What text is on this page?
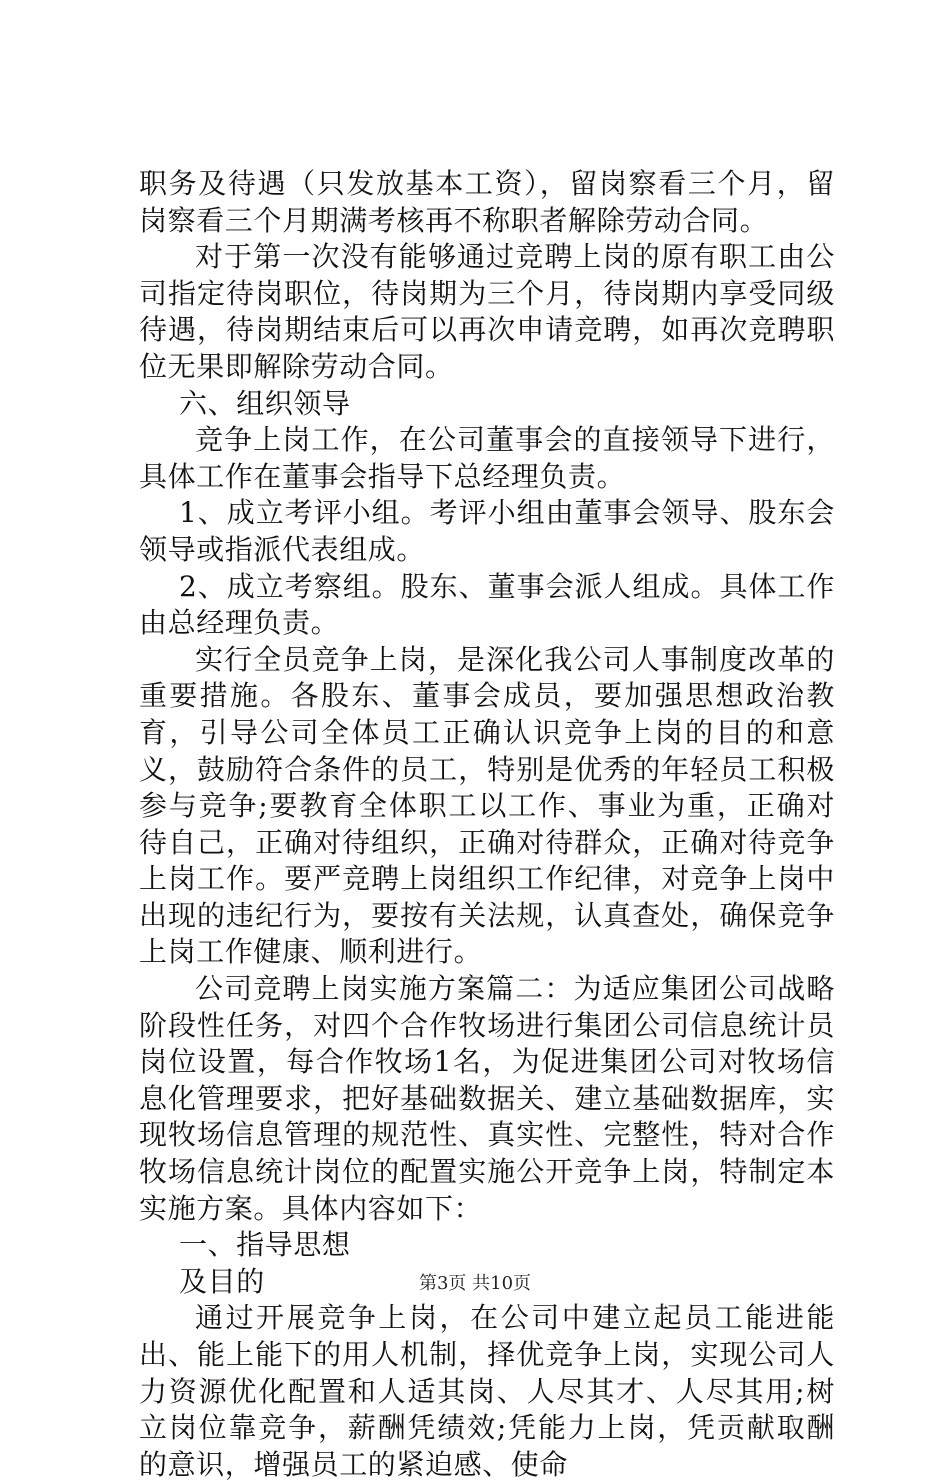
职务及待遇（只发放基本工资），留岗察看三个月，留岗察看三个月期满考核再不称职者解除劳动合同。

对于第一次没有能够通过竞聘上岗的原有职工由公司指定待岗职位，待岗期为三个月，待岗期内享受同级待遇，待岗期结束后可以再次申请竞聘，如再次竞聘职位无果即解除劳动合同。

六、组织领导

竞争上岗工作，在公司董事会的直接领导下进行，具体工作在董事会指导下总经理负责。

1、成立考评小组。考评小组由董事会领导、股东会领导或指派代表组成。

2、成立考察组。股东、董事会派人组成。具体工作由总经理负责。

实行全员竞争上岗，是深化我公司人事制度改革的重要措施。各股东、董事会成员，要加强思想政治教育，引导公司全体员工正确认识竞争上岗的目的和意义，鼓励符合条件的员工，特别是优秀的年轻员工积极参与竞争;要教育全体职工以工作、事业为重，正确对待自己，正确对待组织，正确对待群众，正确对待竞争上岗工作。要严竞聘上岗组织工作纪律，对竞争上岗中出现的违纪行为，要按有关法规，认真查处，确保竞争上岗工作健康、顺利进行。

公司竞聘上岗实施方案篇二：为适应集团公司战略阶段性任务，对四个合作牧场进行集团公司信息统计员岗位设置，每合作牧场1名，为促进集团公司对牧场信息化管理要求，把好基础数据关、建立基础数据库，实现牧场信息管理的规范性、真实性、完整性，特对合作牧场信息统计岗位的配置实施公开竞争上岗，特制定本实施方案。具体内容如下：

一、指导思想

及目的

通过开展竞争上岗，在公司中建立起员工能进能出、能上能下的用人机制，择优竞争上岗，实现公司人力资源优化配置和人适其岗、人尽其才、人尽其用;树立岗位靠竞争，薪酬凭绩效;凭能力上岗，凭贡献取酬的意识，增强员工的紧迫感、使命

第3页 共10页
